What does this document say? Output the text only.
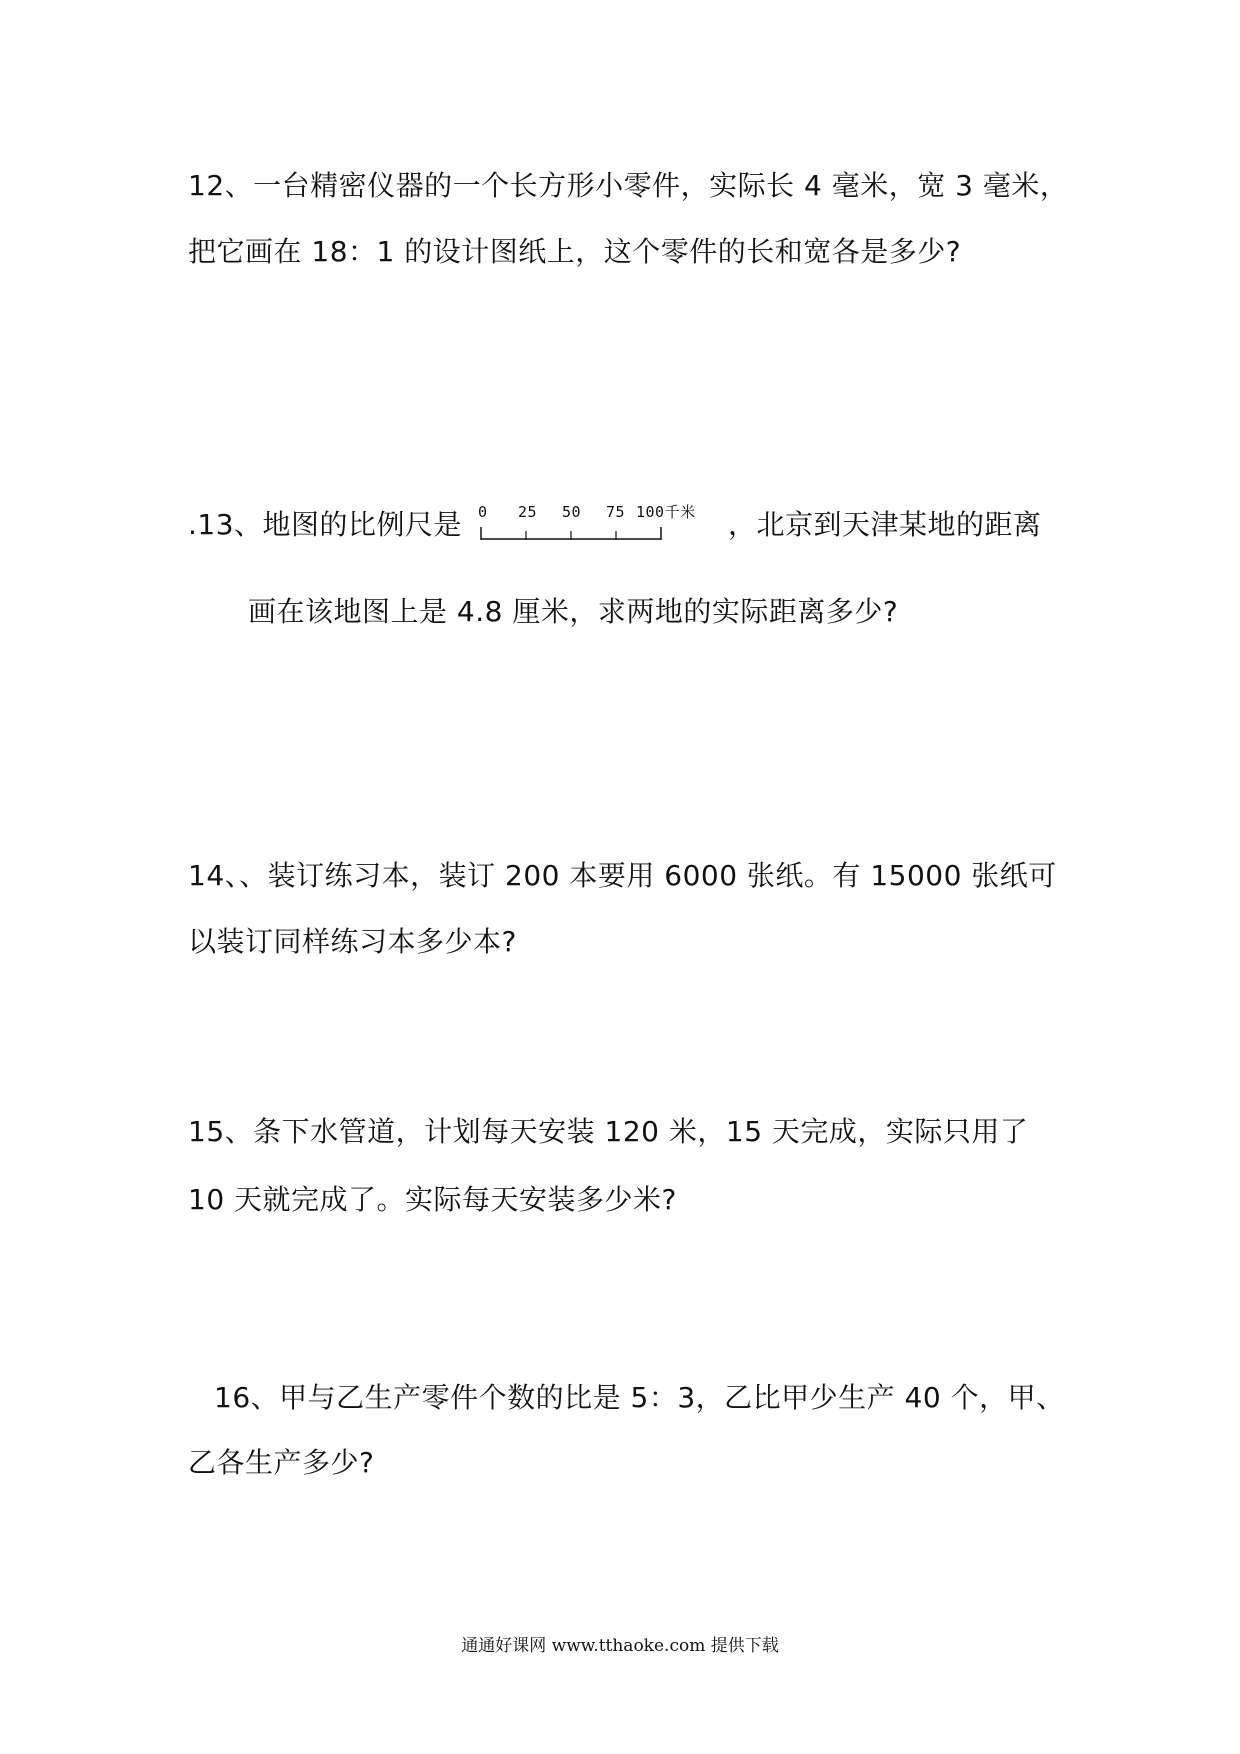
12、一台精密仪器的一个长方形小零件，实际长 4 毫米，宽 3 毫米，
把它画在 18：1 的设计图纸上，这个零件的长和宽各是多少?
.13、地图的比例尺是 0 25 50 75 100千米 ，北京到天津某地的距离
画在该地图上是 4.8 厘米，求两地的实际距离多少?
14、、装订练习本，装订 200 本要用 6000 张纸。有 15000 张纸可
以装订同样练习本多少本?
15、条下水管道，计划每天安装 120 米，15 天完成，实际只用了
10 天就完成了。实际每天安装多少米?
16、甲与乙生产零件个数的比是 5：3，乙比甲少生产 40 个，甲、
乙各生产多少?
通通好课网 www.tthaoke.com 提供下载
